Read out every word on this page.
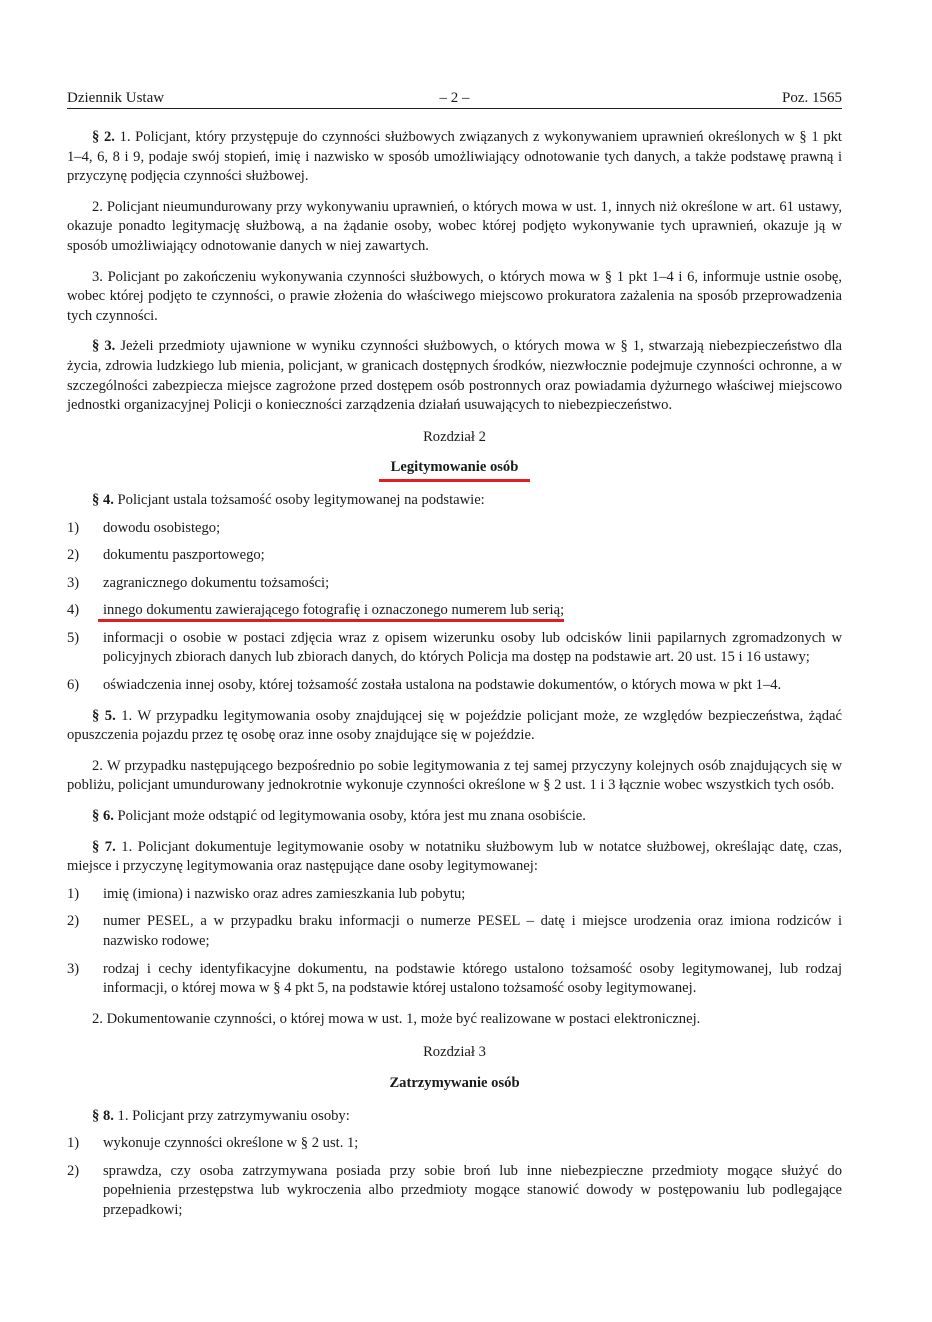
Dziennik Ustaw	– 2 –	Poz. 1565

§ 2. 1. Policjant, który przystępuje do czynności służbowych związanych z wykonywaniem uprawnień określonych w § 1 pkt 1–4, 6, 8 i 9, podaje swój stopień, imię i nazwisko w sposób umożliwiający odnotowanie tych danych, a także podstawę prawną i przyczynę podjęcia czynności służbowej.

2. Policjant nieumundurowany przy wykonywaniu uprawnień, o których mowa w ust. 1, innych niż określone w art. 61 ustawy, okazuje ponadto legitymację służbową, a na żądanie osoby, wobec której podjęto wykonywanie tych uprawnień, okazuje ją w sposób umożliwiający odnotowanie danych w niej zawartych.

3. Policjant po zakończeniu wykonywania czynności służbowych, o których mowa w § 1 pkt 1–4 i 6, informuje ustnie osobę, wobec której podjęto te czynności, o prawie złożenia do właściwego miejscowo prokuratora zażalenia na sposób przeprowadzenia tych czynności.

§ 3. Jeżeli przedmioty ujawnione w wyniku czynności służbowych, o których mowa w § 1, stwarzają niebezpieczeństwo dla życia, zdrowia ludzkiego lub mienia, policjant, w granicach dostępnych środków, niezwłocznie podejmuje czynności ochronne, a w szczególności zabezpiecza miejsce zagrożone przed dostępem osób postronnych oraz powiadamia dyżurnego właściwej miejscowo jednostki organizacyjnej Policji o konieczności zarządzenia działań usuwających to niebezpieczeństwo.

Rozdział 2

Legitymowanie osób

§ 4. Policjant ustala tożsamość osoby legitymowanej na podstawie:

1) dowodu osobistego;
2) dokumentu paszportowego;
3) zagranicznego dokumentu tożsamości;
4) innego dokumentu zawierającego fotografię i oznaczonego numerem lub serią;
5) informacji o osobie w postaci zdjęcia wraz z opisem wizerunku osoby lub odcisków linii papilarnych zgromadzonych w policyjnych zbiorach danych lub zbiorach danych, do których Policja ma dostęp na podstawie art. 20 ust. 15 i 16 ustawy;
6) oświadczenia innej osoby, której tożsamość została ustalona na podstawie dokumentów, o których mowa w pkt 1–4.

§ 5. 1. W przypadku legitymowania osoby znajdującej się w pojeździe policjant może, ze względów bezpieczeństwa, żądać opuszczenia pojazdu przez tę osobę oraz inne osoby znajdujące się w pojeździe.

2. W przypadku następującego bezpośrednio po sobie legitymowania z tej samej przyczyny kolejnych osób znajdujących się w pobliżu, policjant umundurowany jednokrotnie wykonuje czynności określone w § 2 ust. 1 i 3 łącznie wobec wszystkich tych osób.

§ 6. Policjant może odstąpić od legitymowania osoby, która jest mu znana osobiście.

§ 7. 1. Policjant dokumentuje legitymowanie osoby w notatniku służbowym lub w notatce służbowej, określając datę, czas, miejsce i przyczynę legitymowania oraz następujące dane osoby legitymowanej:

1) imię (imiona) i nazwisko oraz adres zamieszkania lub pobytu;
2) numer PESEL, a w przypadku braku informacji o numerze PESEL – datę i miejsce urodzenia oraz imiona rodziców i nazwisko rodowe;
3) rodzaj i cechy identyfikacyjne dokumentu, na podstawie którego ustalono tożsamość osoby legitymowanej, lub rodzaj informacji, o której mowa w § 4 pkt 5, na podstawie której ustalono tożsamość osoby legitymowanej.

2. Dokumentowanie czynności, o której mowa w ust. 1, może być realizowane w postaci elektronicznej.

Rozdział 3

Zatrzymywanie osób

§ 8. 1. Policjant przy zatrzymywaniu osoby:

1) wykonuje czynności określone w § 2 ust. 1;
2) sprawdza, czy osoba zatrzymywana posiada przy sobie broń lub inne niebezpieczne przedmioty mogące służyć do popełnienia przestępstwa lub wykroczenia albo przedmioty mogące stanowić dowody w postępowaniu lub podlegające przepadkowi;
